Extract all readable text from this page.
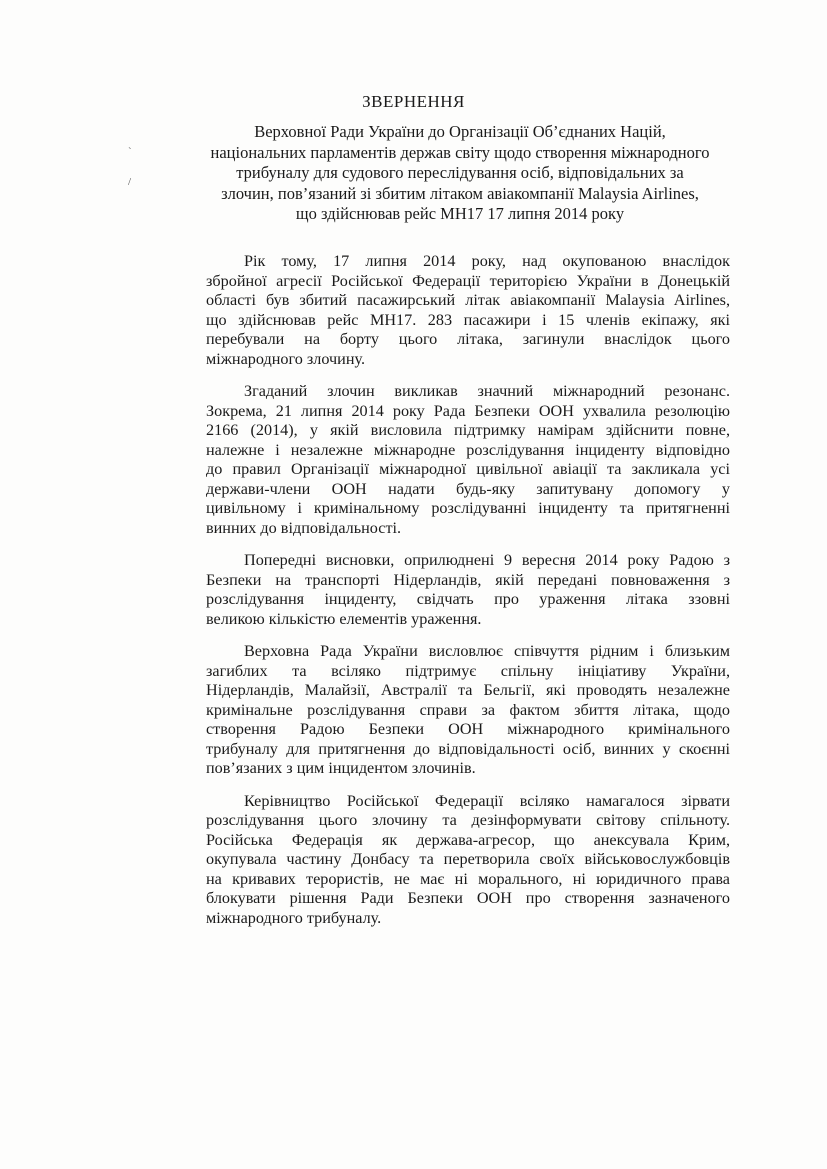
`
/
ЗВЕРНЕННЯ
Верховної Ради України до Організації Об’єднаних Націй,
національних парламентів держав світу щодо створення міжнародного
трибуналу для судового переслідування осіб, відповідальних за
злочин, пов’язаний зі збитим літаком авіакомпанії Malaysia Airlines,
що здійснював рейс MH17 17 липня 2014 року
Рік тому, 17 липня 2014 року, над окупованою внаслідок
збройної агресії Російської Федерації територією України в Донецькій
області був збитий пасажирський літак авіакомпанії Malaysia Airlines,
що здійснював рейс MH17. 283 пасажири і 15 членів екіпажу, які
перебували на борту цього літака, загинули внаслідок цього
міжнародного злочину.
Згаданий злочин викликав значний міжнародний резонанс.
Зокрема, 21 липня 2014 року Рада Безпеки ООН ухвалила резолюцію
2166 (2014), у якій висловила підтримку намірам здійснити повне,
належне і незалежне міжнародне розслідування інциденту відповідно
до правил Організації міжнародної цивільної авіації та закликала усі
держави-члени ООН надати будь-яку запитувану допомогу у
цивільному і кримінальному розслідуванні інциденту та притягненні
винних до відповідальності.
Попередні висновки, оприлюднені 9 вересня 2014 року Радою з
Безпеки на транспорті Нідерландів, якій передані повноваження з
розслідування інциденту, свідчать про ураження літака ззовні
великою кількістю елементів ураження.
Верховна Рада України висловлює співчуття рідним і близьким
загиблих та всіляко підтримує спільну ініціативу України,
Нідерландів, Малайзії, Австралії та Бельгії, які проводять незалежне
кримінальне розслідування справи за фактом збиття літака, щодо
створення Радою Безпеки ООН міжнародного кримінального
трибуналу для притягнення до відповідальності осіб, винних у скоєнні
пов’язаних з цим інцидентом злочинів.
Керівництво Російської Федерації всіляко намагалося зірвати
розслідування цього злочину та дезінформувати світову спільноту.
Російська Федерація як держава-агресор, що анексувала Крим,
окупувала частину Донбасу та перетворила своїх військовослужбовців
на кривавих терористів, не має ні морального, ні юридичного права
блокувати рішення Ради Безпеки ООН про створення зазначеного
міжнародного трибуналу.
